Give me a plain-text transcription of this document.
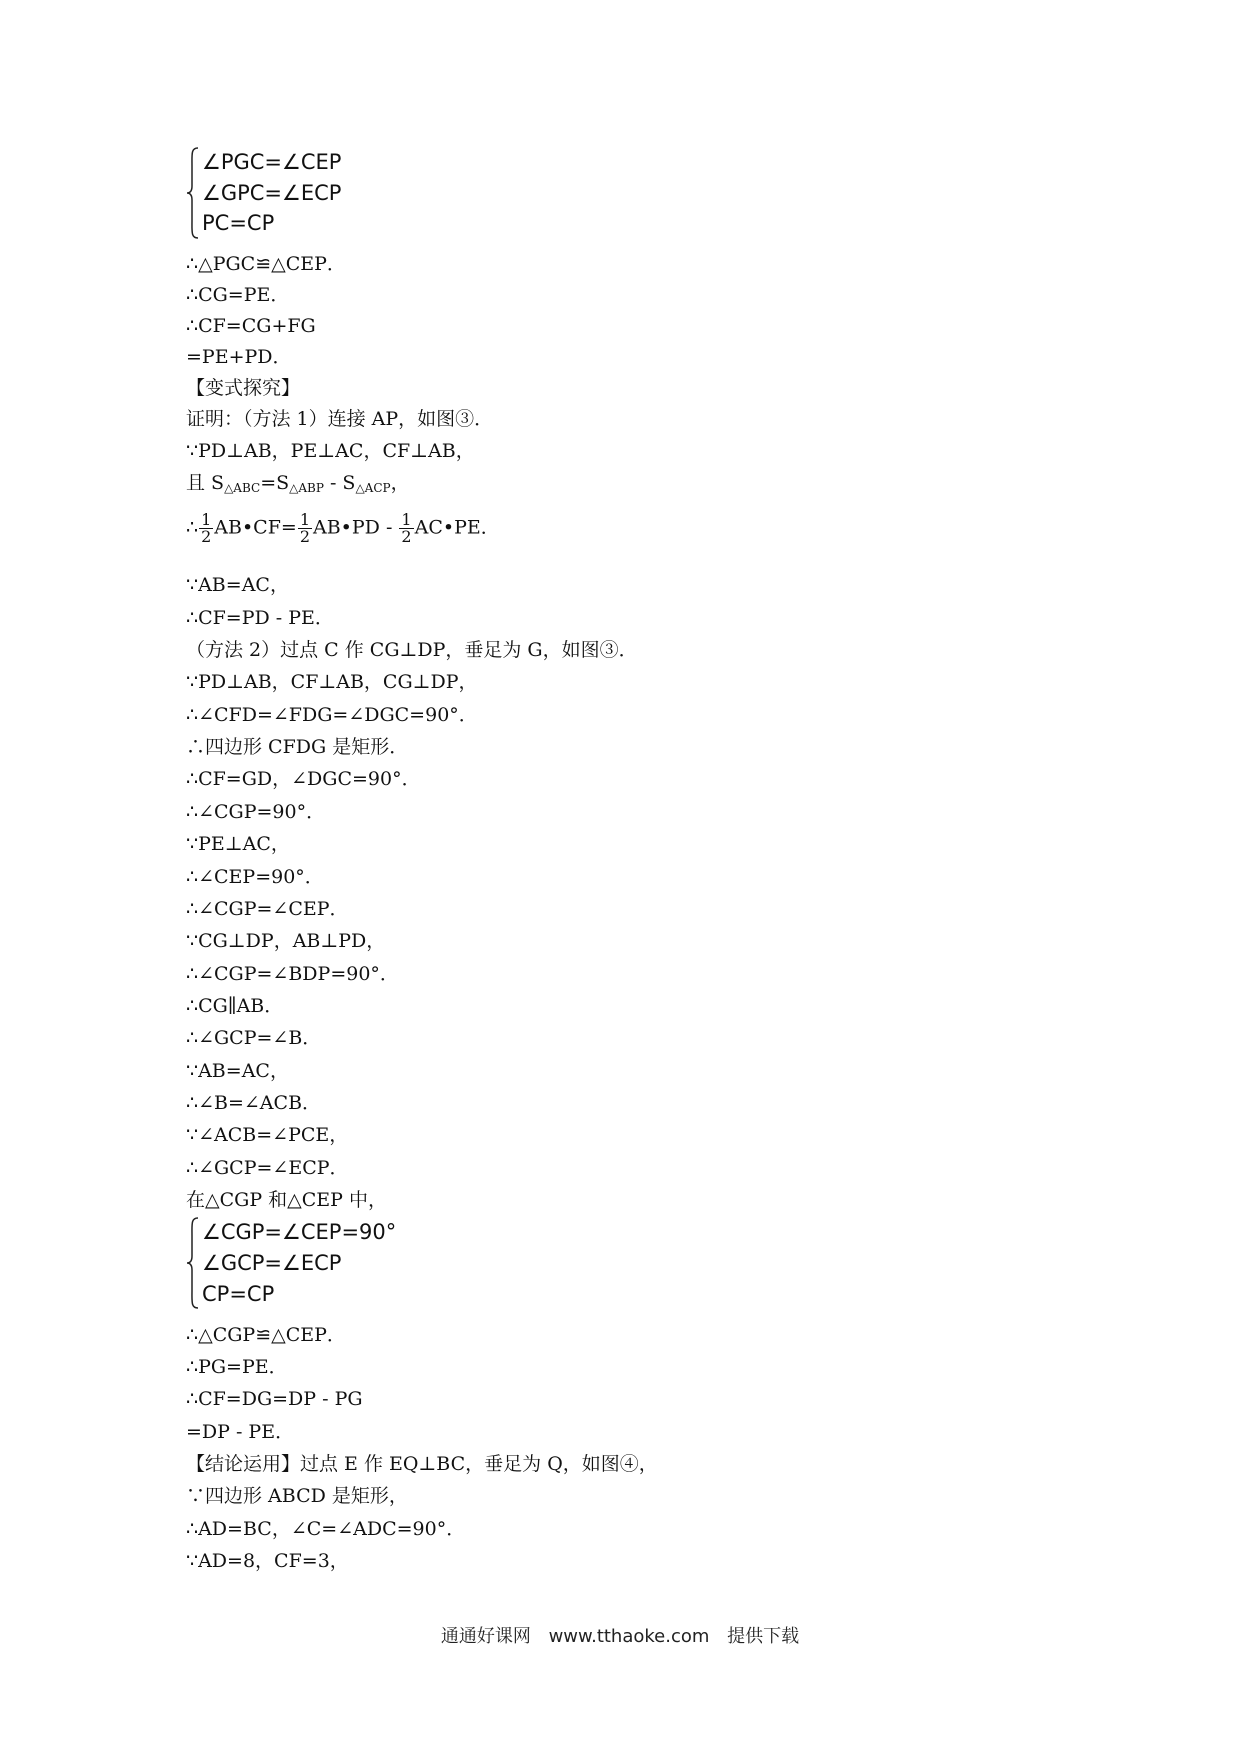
∠PGC=∠CEP
∠GPC=∠ECP
PC=CP
∴△PGC≌△CEP．
∴CG=PE．
∴CF=CG+FG
=PE+PD．
【变式探究】
证明：（方法 1）连接 AP，如图③．
∵PD⊥AB，PE⊥AC，CF⊥AB，
且 $S_{\triangle ABC}=S_{\triangle ABP} - S_{\triangle ACP}$，
∴ $\frac{1}{2}$ AB•CF= $\frac{1}{2}$ AB•PD - $\frac{1}{2}$ AC•PE．
∵AB=AC，
∴CF=PD - PE．
（方法 2）过点 C 作 CG⊥DP，垂足为 G，如图③．
∵PD⊥AB，CF⊥AB，CG⊥DP，
∴∠CFD=∠FDG=∠DGC=90°．
∴四边形 CFDG 是矩形．
∴CF=GD，∠DGC=90°．
∴∠CGP=90°．
∵PE⊥AC，
∴∠CEP=90°．
∴∠CGP=∠CEP．
∵CG⊥DP，AB⊥PD，
∴∠CGP=∠BDP=90°．
∴CG∥AB．
∴∠GCP=∠B．
∵AB=AC，
∴∠B=∠ACB．
∵∠ACB=∠PCE，
∴∠GCP=∠ECP．
在△CGP 和△CEP 中，
∠CGP=∠CEP=90°
∠GCP=∠ECP
CP=CP
∴△CGP≌△CEP．
∴PG=PE．
∴CF=DG=DP - PG
=DP - PE．
【结论运用】过点 E 作 EQ⊥BC，垂足为 Q，如图④，
∵四边形 ABCD 是矩形，
∴AD=BC，∠C=∠ADC=90°．
∵AD=8，CF=3，
通通好课网 www.tthaoke.com 提供下载
